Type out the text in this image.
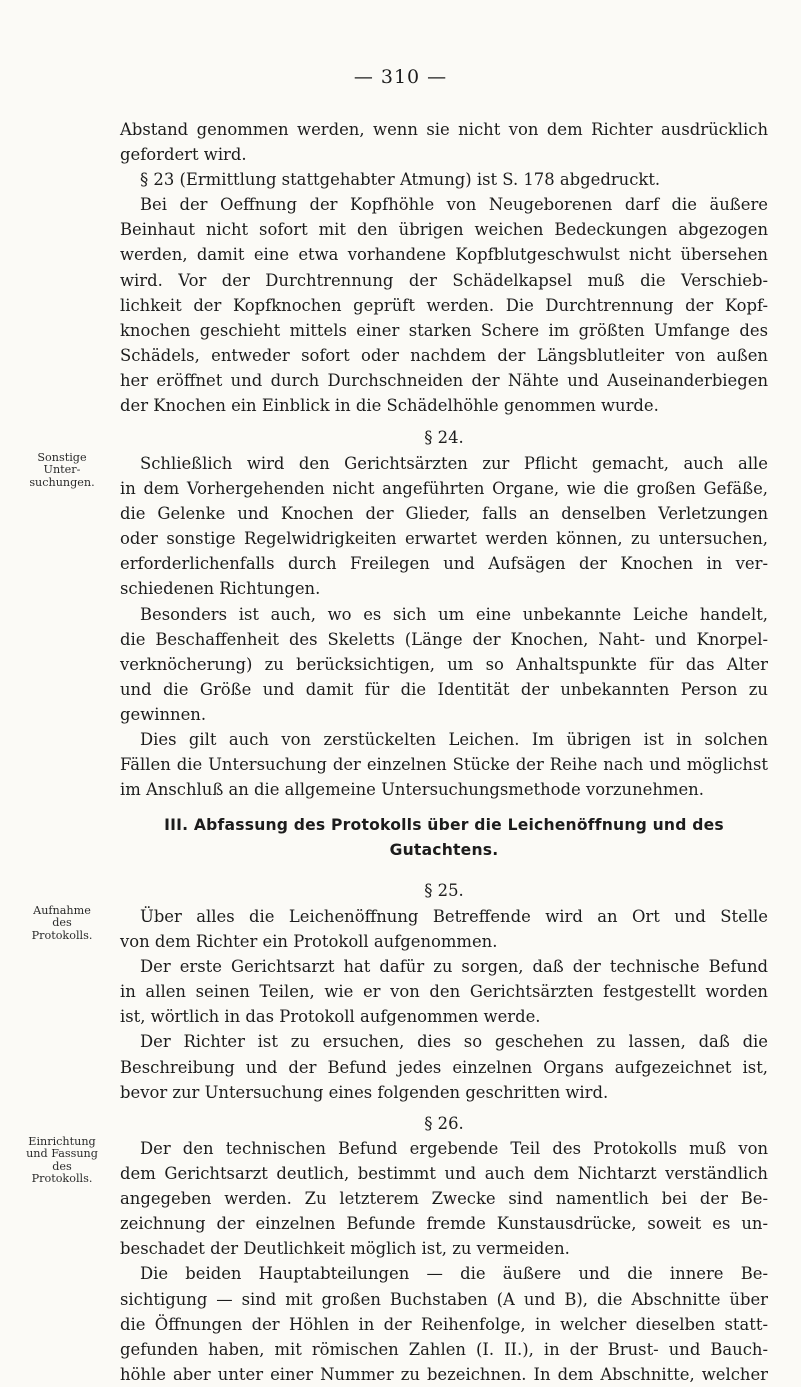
— 310 —
Abstand genommen werden, wenn sie nicht von dem Richter ausdrücklich
gefordert wird.
§ 23 (Ermittlung stattgehabter Atmung) ist S. 178 abgedruckt.
Bei der Oeffnung der Kopfhöhle von Neugeborenen darf die äußere
Beinhaut nicht sofort mit den übrigen weichen Bedeckungen abgezogen
werden, damit eine etwa vorhandene Kopfblutgeschwulst nicht übersehen
wird. Vor der Durchtrennung der Schädelkapsel muß die Verschieb-
lichkeit der Kopfknochen geprüft werden. Die Durchtrennung der Kopf-
knochen geschieht mittels einer starken Schere im größten Umfange des
Schädels, entweder sofort oder nachdem der Längsblutleiter von außen
her eröffnet und durch Durchschneiden der Nähte und Auseinanderbiegen
der Knochen ein Einblick in die Schädelhöhle genommen wurde.
§ 24.
Sonstige
Unter-
suchungen.
Schließlich wird den Gerichtsärzten zur Pflicht gemacht, auch alle
in dem Vorhergehenden nicht angeführten Organe, wie die großen Gefäße,
die Gelenke und Knochen der Glieder, falls an denselben Verletzungen
oder sonstige Regelwidrigkeiten erwartet werden können, zu untersuchen,
erforderlichenfalls durch Freilegen und Aufsägen der Knochen in ver-
schiedenen Richtungen.
Besonders ist auch, wo es sich um eine unbekannte Leiche handelt,
die Beschaffenheit des Skeletts (Länge der Knochen, Naht- und Knorpel-
verknöcherung) zu berücksichtigen, um so Anhaltspunkte für das Alter
und die Größe und damit für die Identität der unbekannten Person zu
gewinnen.
Dies gilt auch von zerstückelten Leichen. Im übrigen ist in solchen
Fällen die Untersuchung der einzelnen Stücke der Reihe nach und möglichst
im Anschluß an die allgemeine Untersuchungsmethode vorzunehmen.
III. Abfassung des Protokolls über die Leichenöffnung und des
Gutachtens.
§ 25.
Aufnahme
des
Protokolls.
Über alles die Leichenöffnung Betreffende wird an Ort und Stelle
von dem Richter ein Protokoll aufgenommen.
Der erste Gerichtsarzt hat dafür zu sorgen, daß der technische Befund
in allen seinen Teilen, wie er von den Gerichtsärzten festgestellt worden
ist, wörtlich in das Protokoll aufgenommen werde.
Der Richter ist zu ersuchen, dies so geschehen zu lassen, daß die
Beschreibung und der Befund jedes einzelnen Organs aufgezeichnet ist,
bevor zur Untersuchung eines folgenden geschritten wird.
§ 26.
Einrichtung
und Fassung
des
Protokolls.
Der den technischen Befund ergebende Teil des Protokolls muß von
dem Gerichtsarzt deutlich, bestimmt und auch dem Nichtarzt verständlich
angegeben werden. Zu letzterem Zwecke sind namentlich bei der Be-
zeichnung der einzelnen Befunde fremde Kunstausdrücke, soweit es un-
beschadet der Deutlichkeit möglich ist, zu vermeiden.
Die beiden Hauptabteilungen — die äußere und die innere Be-
sichtigung — sind mit großen Buchstaben (A und B), die Abschnitte über
die Öffnungen der Höhlen in der Reihenfolge, in welcher dieselben statt-
gefunden haben, mit römischen Zahlen (I. II.), in der Brust- und Bauch-
höhle aber unter einer Nummer zu bezeichnen. In dem Abschnitte, welcher
